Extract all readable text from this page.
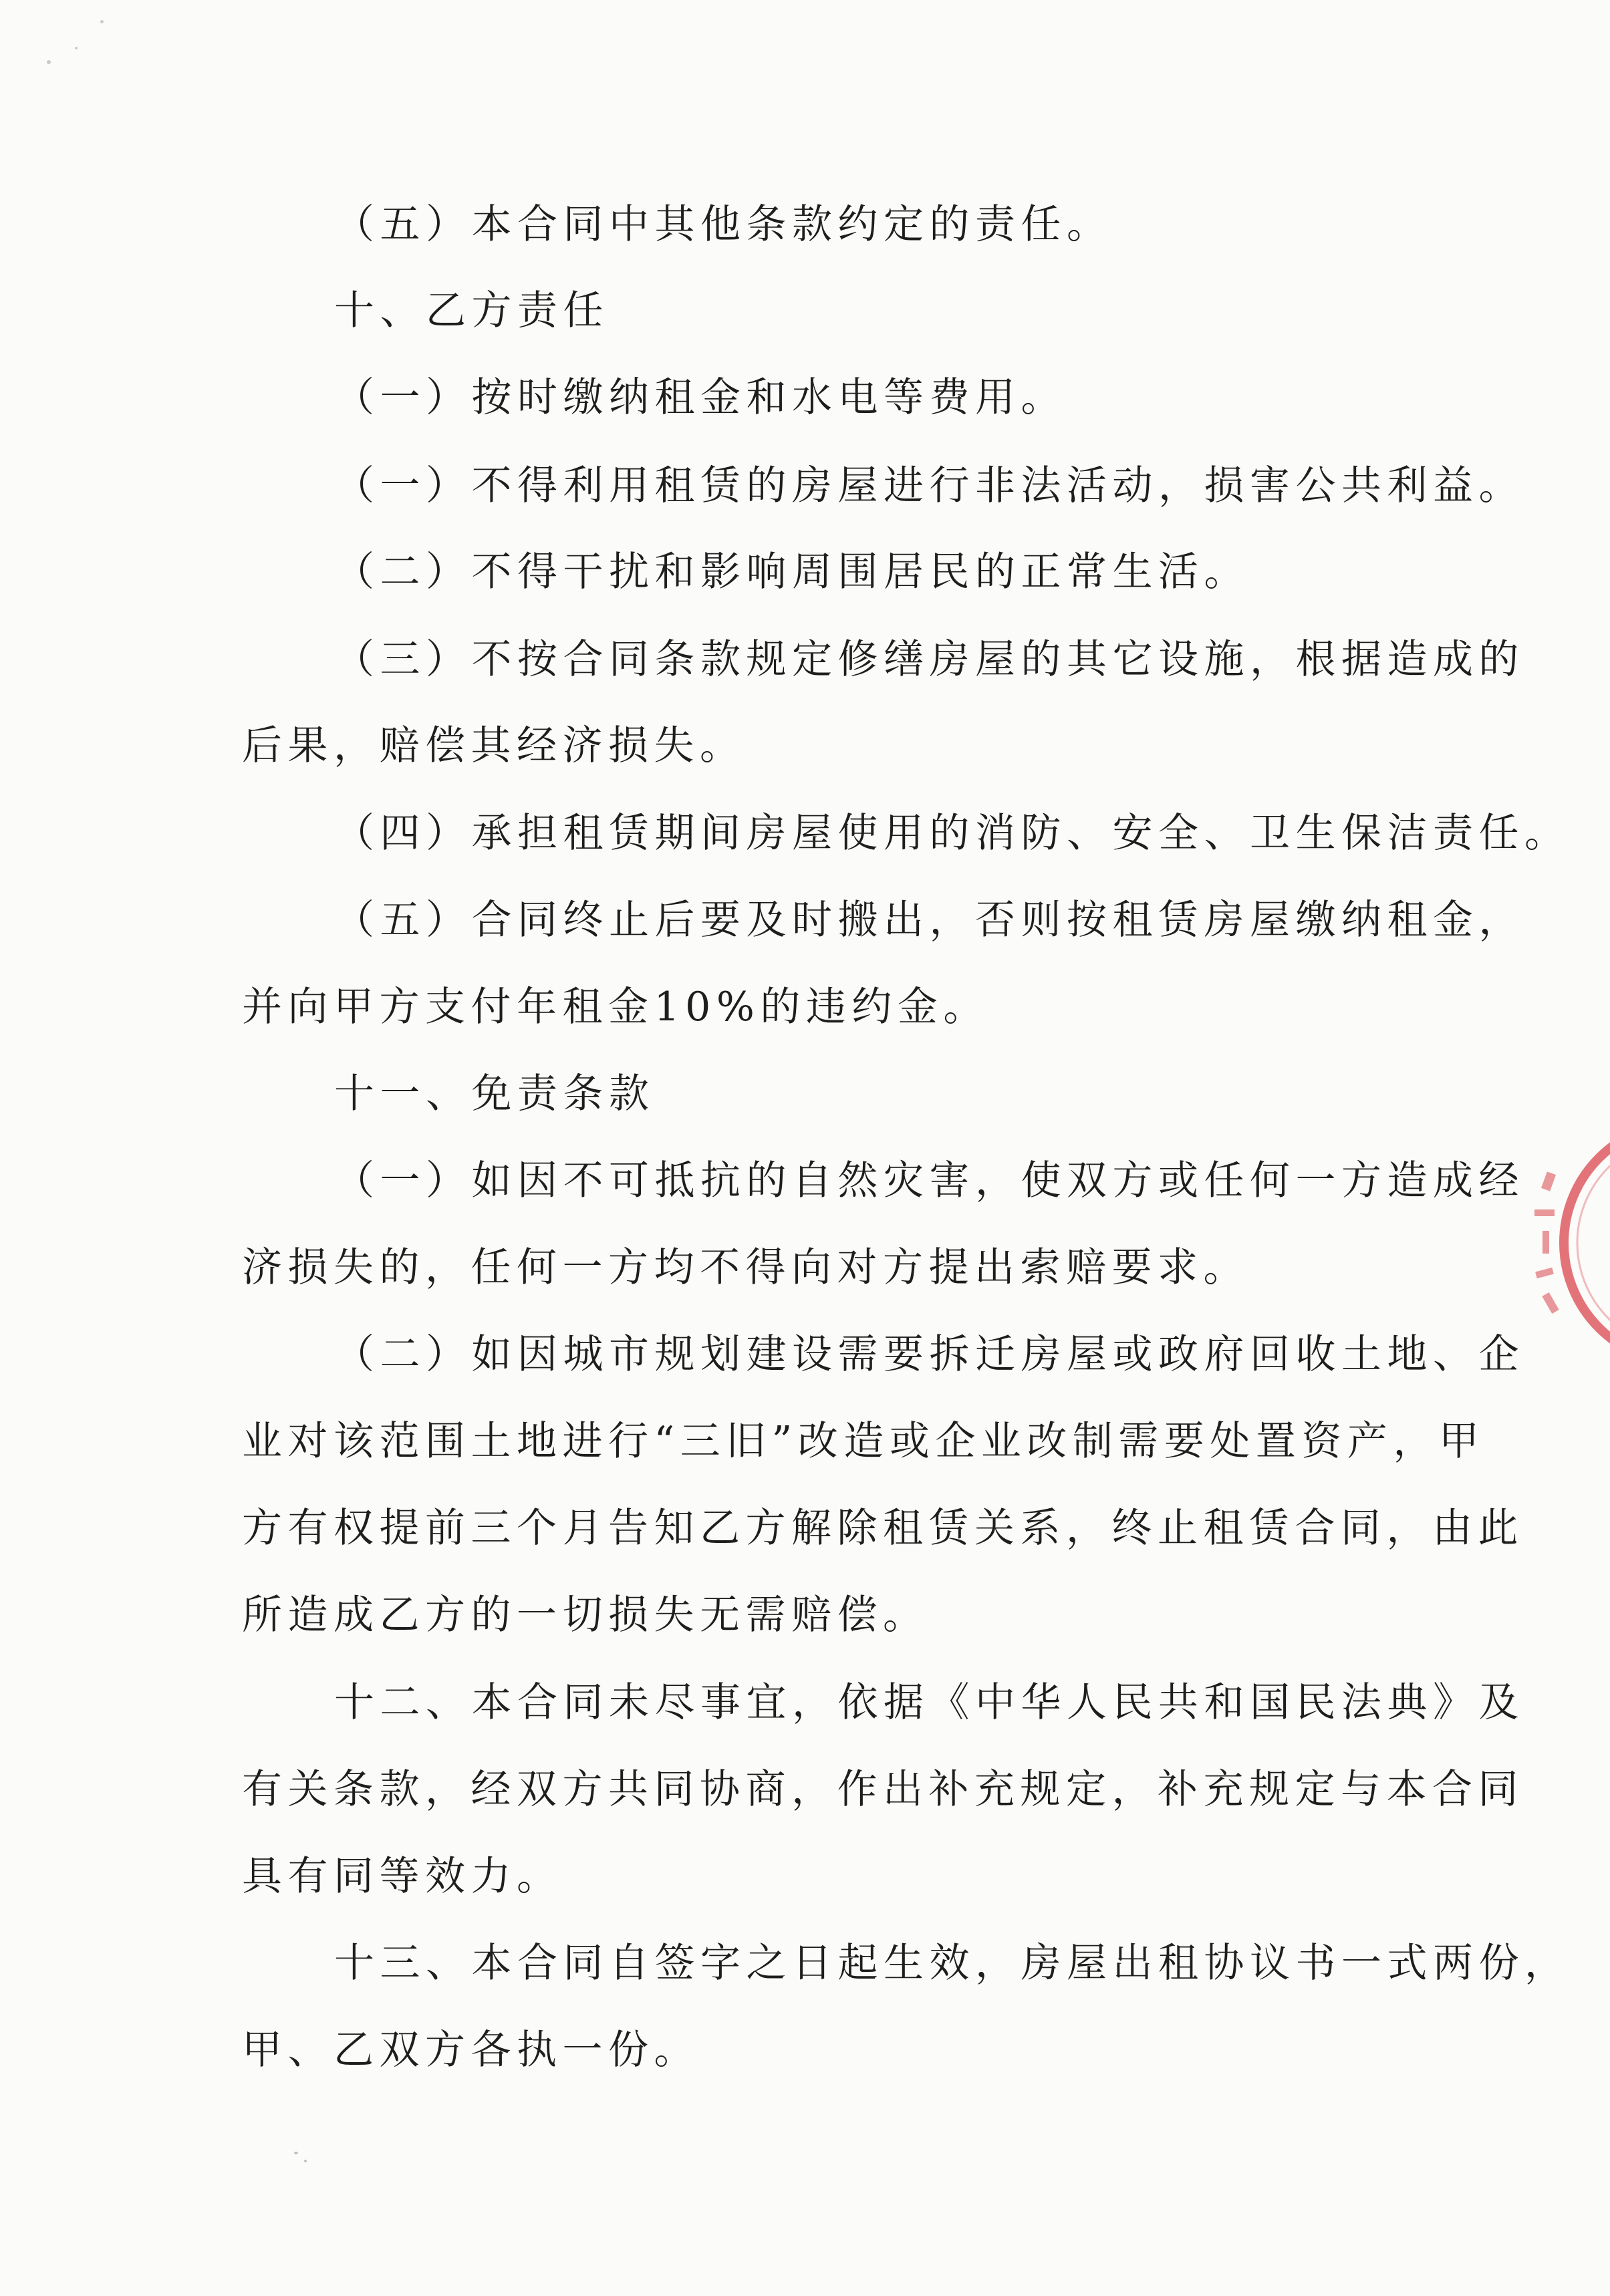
（五）本合同中其他条款约定的责任。
十、乙方责任
（一）按时缴纳租金和水电等费用。
（一）不得利用租赁的房屋进行非法活动，损害公共利益。
（二）不得干扰和影响周围居民的正常生活。
（三）不按合同条款规定修缮房屋的其它设施，根据造成的
后果，赔偿其经济损失。
（四）承担租赁期间房屋使用的消防、安全、卫生保洁责任。
（五）合同终止后要及时搬出，否则按租赁房屋缴纳租金，
并向甲方支付年租金10%的违约金。
十一、免责条款
（一）如因不可抵抗的自然灾害，使双方或任何一方造成经
济损失的，任何一方均不得向对方提出索赔要求。
（二）如因城市规划建设需要拆迁房屋或政府回收土地、企
业对该范围土地进行“三旧”改造或企业改制需要处置资产，甲
方有权提前三个月告知乙方解除租赁关系，终止租赁合同，由此
所造成乙方的一切损失无需赔偿。
十二、本合同未尽事宜，依据《中华人民共和国民法典》及
有关条款，经双方共同协商，作出补充规定，补充规定与本合同
具有同等效力。
十三、本合同自签字之日起生效，房屋出租协议书一式两份，
甲、乙双方各执一份。
